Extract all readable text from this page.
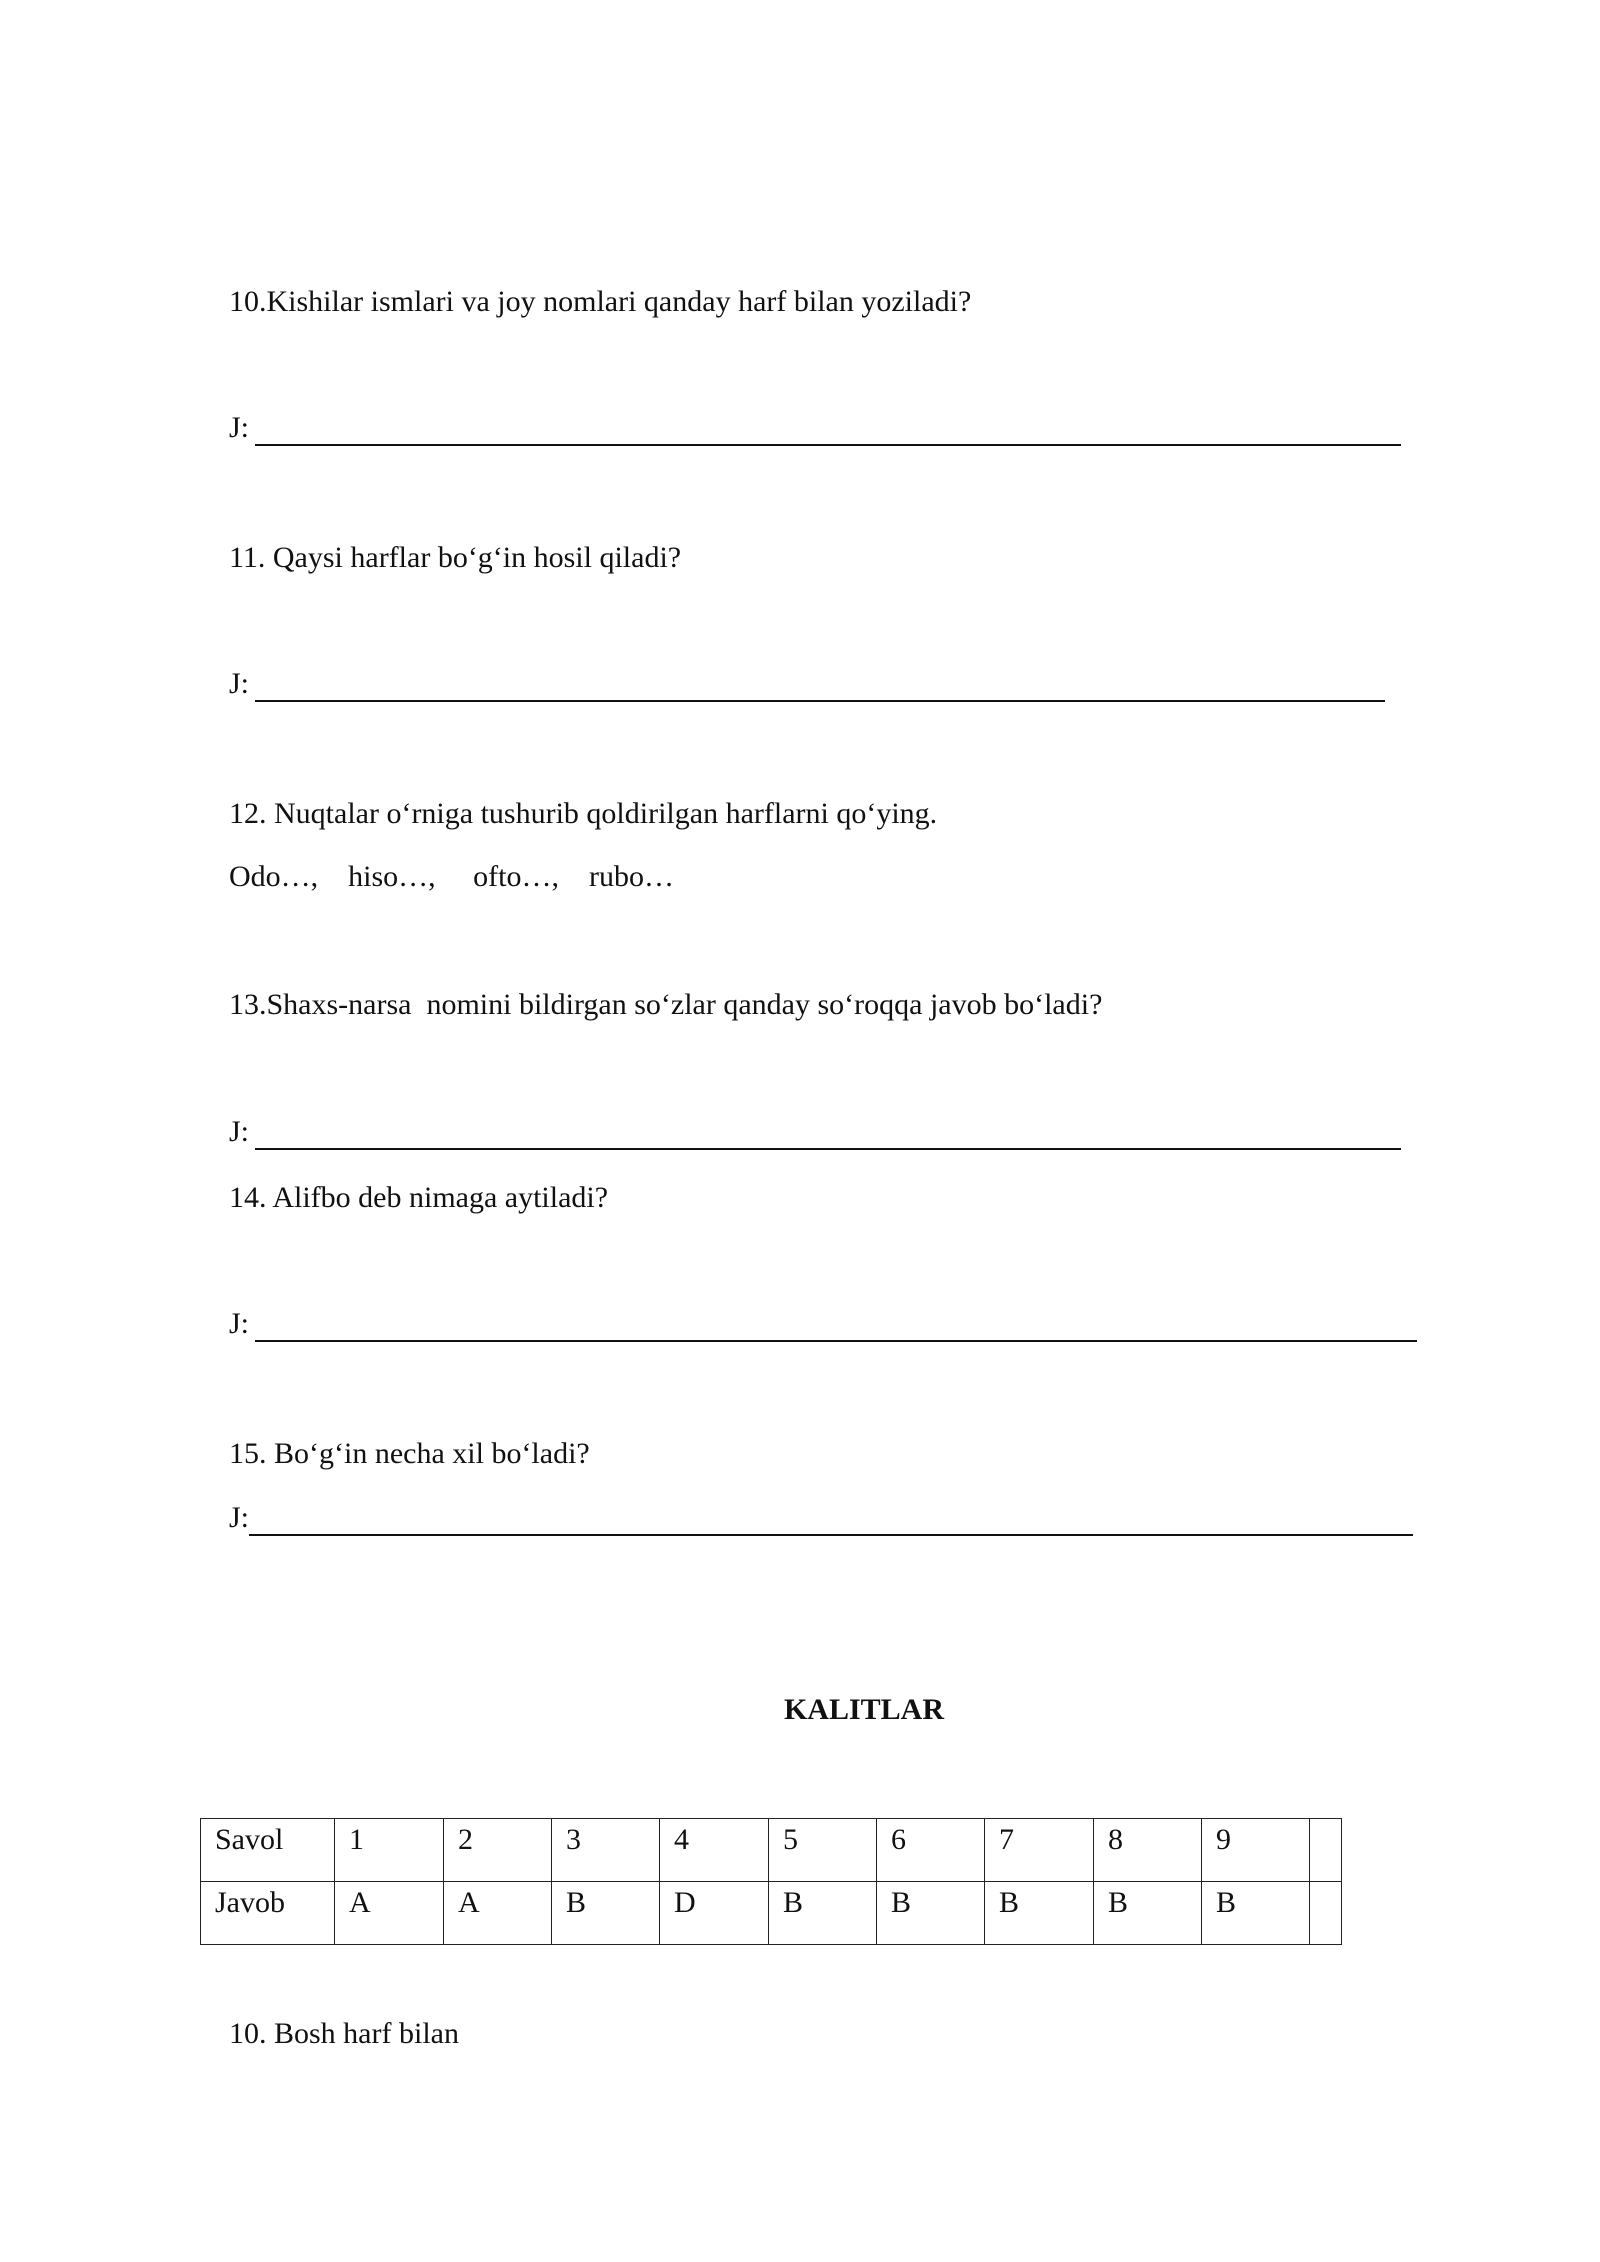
10.Kishilar ismlari va joy nomlari qanday harf bilan yoziladi?
J:
11. Qaysi harflar bo‘g‘in hosil qiladi?
J:
12. Nuqtalar o‘rniga tushurib qoldirilgan harflarni qo‘ying.
Odo…,    hiso…,     ofto…,    rubo…
13.Shaxs-narsa  nomini bildirgan so‘zlar qanday so‘roqqa javob bo‘ladi?
J:
14. Alifbo deb nimaga aytiladi?
J:
15. Bo‘g‘in necha xil bo‘ladi?
J:
KALITLAR
Savol	1	2	3	4	5	6	7	8	9	
Javob	A	A	B	D	B	B	B	B	B	
10. Bosh harf bilan
